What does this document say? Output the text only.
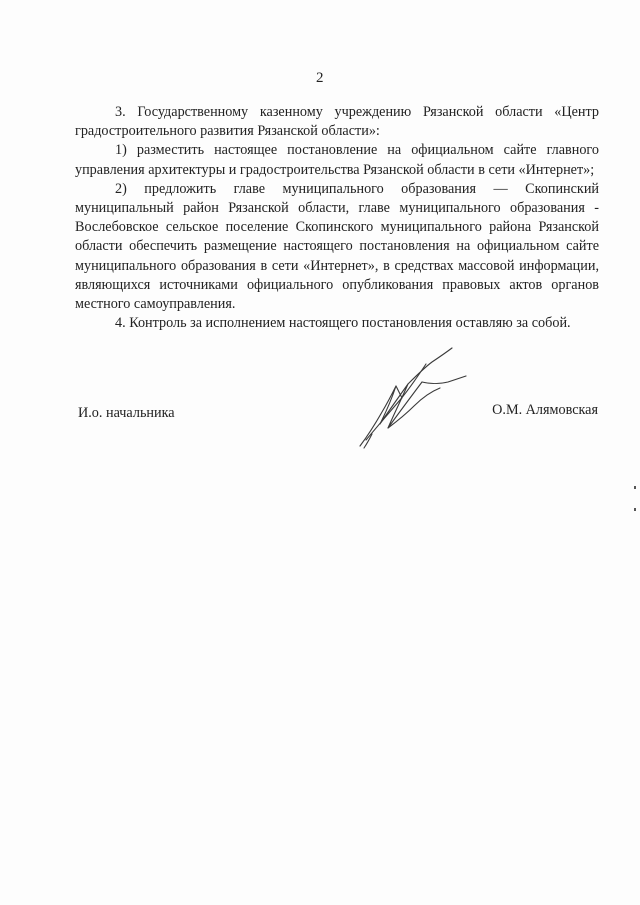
2

3. Государственному казенному учреждению Рязанской области «Центр градостроительного развития Рязанской области»:

1) разместить настоящее постановление на официальном сайте главного управления архитектуры и градостроительства Рязанской области в сети «Интернет»;

2) предложить главе муниципального образования — Скопинский муниципальный район Рязанской области, главе муниципального образования - Вослебовское сельское поселение Скопинского муниципального района Рязанской области обеспечить размещение настоящего постановления на официальном сайте муниципального образования в сети «Интернет», в средствах массовой информации, являющихся источниками официального опубликования правовых актов органов местного самоуправления.

4. Контроль за исполнением настоящего постановления оставляю за собой.

И.о. начальника	О.М. Алямовская
